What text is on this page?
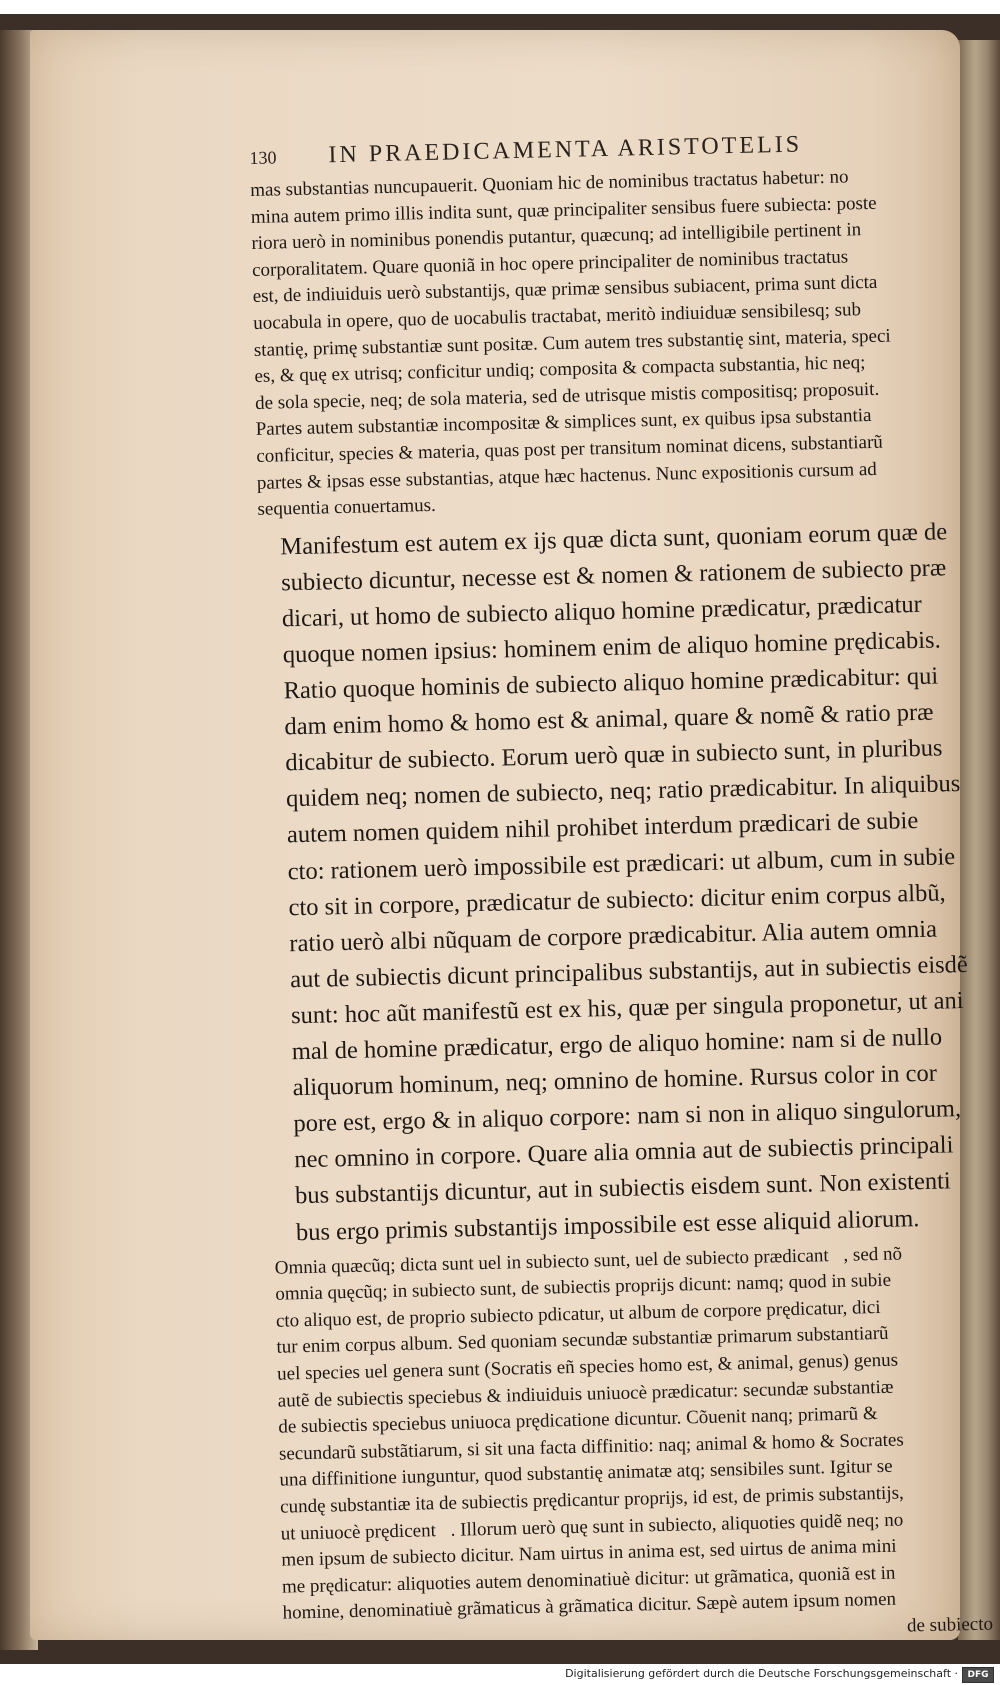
130 IN PRAEDICAMENTA ARISTOTELIS
mas substantias nuncupauerit. Quoniam hic de nominibus tractatus habetur: no
mina autem primo illis indita sunt, quæ principaliter sensibus fuere subiecta: poste
riora uerò in nominibus ponendis putantur, quæcunq; ad intelligibile pertinent in
corporalitatem. Quare quoniã in hoc opere principaliter de nominibus tractatus
est, de indiuiduis uerò substantijs, quæ primæ sensibus subiacent, prima sunt dicta
uocabula in opere, quo de uocabulis tractabat, meritò indiuiduæ sensibilesq; sub
stantię, primę substantiæ sunt positæ. Cum autem tres substantię sint, materia, speci
es, & quę ex utrisq; conficitur undiq; composita & compacta substantia, hic neq;
de sola specie, neq; de sola materia, sed de utrisque mistis compositisq; proposuit.
Partes autem substantiæ incompositæ & simplices sunt, ex quibus ipsa substantia
conficitur, species & materia, quas post per transitum nominat dicens, substantiarũ
partes & ipsas esse substantias, atque hæc hactenus. Nunc expositionis cursum ad
sequentia conuertamus.
Manifestum est autem ex ijs quæ dicta sunt, quoniam eorum quæ de
subiecto dicuntur, necesse est & nomen & rationem de subiecto præ
dicari, ut homo de subiecto aliquo homine prædicatur, prædicatur
quoque nomen ipsius: hominem enim de aliquo homine prędicabis.
Ratio quoque hominis de subiecto aliquo homine prædicabitur: qui
dam enim homo & homo est & animal, quare & nomẽ & ratio præ
dicabitur de subiecto. Eorum uerò quæ in subiecto sunt, in pluribus
quidem neq; nomen de subiecto, neq; ratio prædicabitur. In aliquibus
autem nomen quidem nihil prohibet interdum prædicari de subie
cto: rationem uerò impossibile est prædicari: ut album, cum in subie
cto sit in corpore, prædicatur de subiecto: dicitur enim corpus albũ,
ratio uerò albi nũquam de corpore prædicabitur. Alia autem omnia
aut de subiectis dicunt principalibus substantijs, aut in subiectis eisdẽ
sunt: hoc aũt manifestũ est ex his, quæ per singula proponetur, ut ani
mal de homine prædicatur, ergo de aliquo homine: nam si de nullo
aliquorum hominum, neq; omnino de homine. Rursus color in cor
pore est, ergo & in aliquo corpore: nam si non in aliquo singulorum,
nec omnino in corpore. Quare alia omnia aut de subiectis principali
bus substantijs dicuntur, aut in subiectis eisdem sunt. Non existenti
bus ergo primis substantijs impossibile est esse aliquid aliorum.
Omnia quæcũq; dicta sunt uel in subiecto sunt, uel de subiecto prædicantᷓ, sed nõ
omnia quęcũq; in subiecto sunt, de subiectis proprijs dicunt: namq; quod in subie
cto aliquo est, de proprio subiecto pdicatur, ut album de corpore prędicatur, dici
tur enim corpus album. Sed quoniam secundæ substantiæ primarum substantiarũ
uel species uel genera sunt (Socratis eñ species homo est, & animal, genus) genus
autẽ de subiectis speciebus & indiuiduis uniuocè prædicatur: secundæ substantiæ
de subiectis speciebus uniuoca prędicatione dicuntur. Cõuenit nanq; primarũ &
secundarũ substãtiarum, si sit una facta diffinitio: naq; animal & homo & Socrates
una diffinitione iunguntur, quod substantię animatæ atq; sensibiles sunt. Igitur se
cundę substantiæ ita de subiectis prędicantur proprijs, id est, de primis substantijs,
ut uniuocè prędicentᷓ. Illorum uerò quę sunt in subiecto, aliquoties quidẽ neq; no
men ipsum de subiecto dicitur. Nam uirtus in anima est, sed uirtus de anima mini
me prędicatur: aliquoties autem denominatiuè dicitur: ut grãmatica, quoniã est in
homine, denominatiuè grãmaticus à grãmatica dicitur. Sæpè autem ipsum nomen
de subiecto
Digitalisierung gefördert durch die Deutsche Forschungsgemeinschaft ·	DFG
